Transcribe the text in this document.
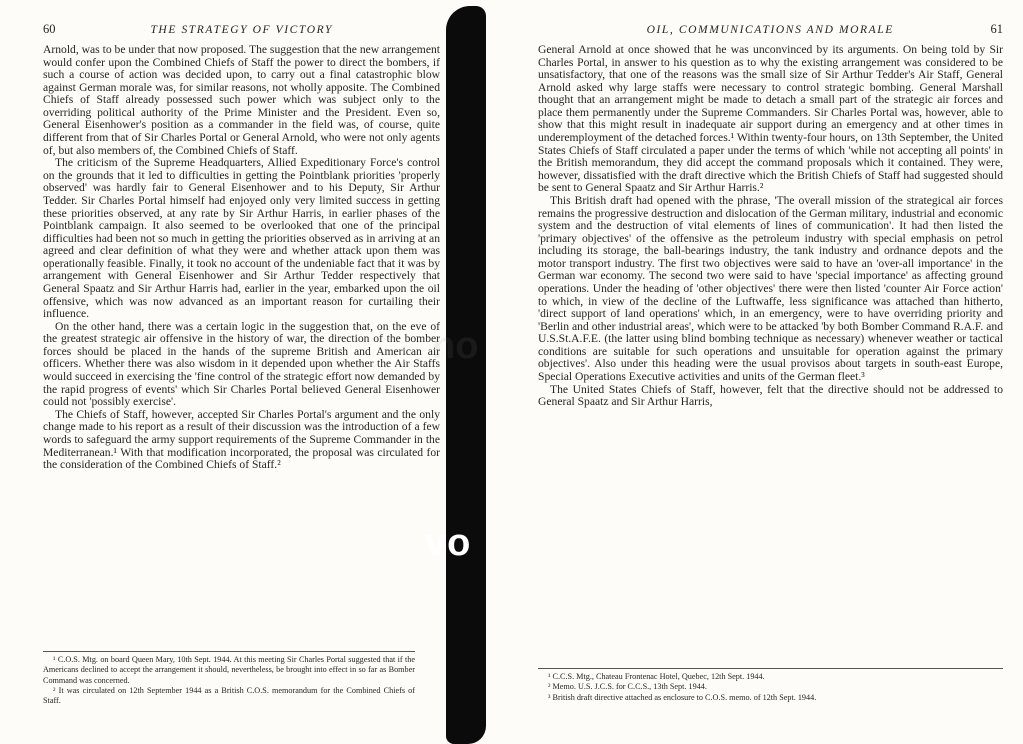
60	THE STRATEGY OF VICTORY

Arnold, was to be under that now proposed. The suggestion that the new arrangement would confer upon the Combined Chiefs of Staff the power to direct the bombers, if such a course of action was decided upon, to carry out a final catastrophic blow against German morale was, for similar reasons, not wholly apposite. The Combined Chiefs of Staff already possessed such power which was subject only to the overriding political authority of the Prime Minister and the President. Even so, General Eisenhower's position as a commander in the field was, of course, quite different from that of Sir Charles Portal or General Arnold, who were not only agents of, but also members of, the Combined Chiefs of Staff.

The criticism of the Supreme Headquarters, Allied Expeditionary Force's control on the grounds that it led to difficulties in getting the Pointblank priorities 'properly observed' was hardly fair to General Eisenhower and to his Deputy, Sir Arthur Tedder. Sir Charles Portal himself had enjoyed only very limited success in getting these priorities observed, at any rate by Sir Arthur Harris, in earlier phases of the Pointblank campaign. It also seemed to be overlooked that one of the principal difficulties had been not so much in getting the priorities observed as in arriving at an agreed and clear definition of what they were and whether attack upon them was operationally feasible. Finally, it took no account of the undeniable fact that it was by arrangement with General Eisenhower and Sir Arthur Tedder respectively that General Spaatz and Sir Arthur Harris had, earlier in the year, embarked upon the oil offensive, which was now advanced as an important reason for curtailing their influence.

On the other hand, there was a certain logic in the suggestion that, on the eve of the greatest strategic air offensive in the history of war, the direction of the bomber forces should be placed in the hands of the supreme British and American air officers. Whether there was also wisdom in it depended upon whether the Air Staffs would succeed in exercising the 'fine control of the strategic effort now demanded by the rapid progress of events' which Sir Charles Portal believed General Eisenhower could not 'possibly exercise'.

The Chiefs of Staff, however, accepted Sir Charles Portal's argument and the only change made to his report as a result of their discussion was the introduction of a few words to safeguard the army support requirements of the Supreme Commander in the Mediterranean.¹ With that modification incorporated, the proposal was circulated for the consideration of the Combined Chiefs of Staff.²

¹ C.O.S. Mtg. on board Queen Mary, 10th Sept. 1944. At this meeting Sir Charles Portal suggested that if the Americans declined to accept the arrangement it should, nevertheless, be brought into effect in so far as Bomber Command was concerned.

² It was circulated on 12th September 1944 as a British C.O.S. memorandum for the Combined Chiefs of Staff.

no
vo
OIL, COMMUNICATIONS AND MORALE	61

General Arnold at once showed that he was unconvinced by its arguments. On being told by Sir Charles Portal, in answer to his question as to why the existing arrangement was considered to be unsatisfactory, that one of the reasons was the small size of Sir Arthur Tedder's Air Staff, General Arnold asked why large staffs were necessary to control strategic bombing. General Marshall thought that an arrangement might be made to detach a small part of the strategic air forces and place them permanently under the Supreme Commanders. Sir Charles Portal was, however, able to show that this might result in inadequate air support during an emergency and at other times in underemployment of the detached forces.¹ Within twenty-four hours, on 13th September, the United States Chiefs of Staff circulated a paper under the terms of which 'while not accepting all points' in the British memorandum, they did accept the command proposals which it contained. They were, however, dissatisfied with the draft directive which the British Chiefs of Staff had suggested should be sent to General Spaatz and Sir Arthur Harris.²

This British draft had opened with the phrase, 'The overall mission of the strategical air forces remains the progressive destruction and dislocation of the German military, industrial and economic system and the destruction of vital elements of lines of communication'. It had then listed the 'primary objectives' of the offensive as the petroleum industry with special emphasis on petrol including its storage, the ball-bearings industry, the tank industry and ordnance depots and the motor transport industry. The first two objectives were said to have an 'over-all importance' in the German war economy. The second two were said to have 'special importance' as affecting ground operations. Under the heading of 'other objectives' there were then listed 'counter Air Force action' to which, in view of the decline of the Luftwaffe, less significance was attached than hitherto, 'direct support of land operations' which, in an emergency, were to have overriding priority and 'Berlin and other industrial areas', which were to be attacked 'by both Bomber Command R.A.F. and U.S.St.A.F.E. (the latter using blind bombing technique as necessary) whenever weather or tactical conditions are suitable for such operations and unsuitable for operation against the primary objectives'. Also under this heading were the usual provisos about targets in south-east Europe, Special Operations Executive activities and units of the German fleet.³

The United States Chiefs of Staff, however, felt that the directive should not be addressed to General Spaatz and Sir Arthur Harris,

¹ C.C.S. Mtg., Chateau Frontenac Hotel, Quebec, 12th Sept. 1944.

² Memo. U.S. J.C.S. for C.C.S., 13th Sept. 1944.

³ British draft directive attached as enclosure to C.O.S. memo. of 12th Sept. 1944.
